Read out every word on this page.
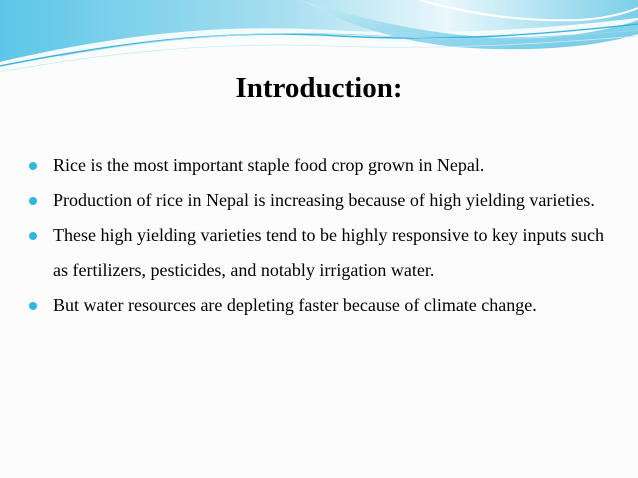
Introduction:
Rice is the most important staple food crop grown in Nepal.
Production of rice in Nepal is increasing because of high yielding varieties.
These high yielding varieties tend to be highly responsive to key inputs such as fertilizers, pesticides, and notably irrigation water.
But water resources are depleting faster because of climate change.
